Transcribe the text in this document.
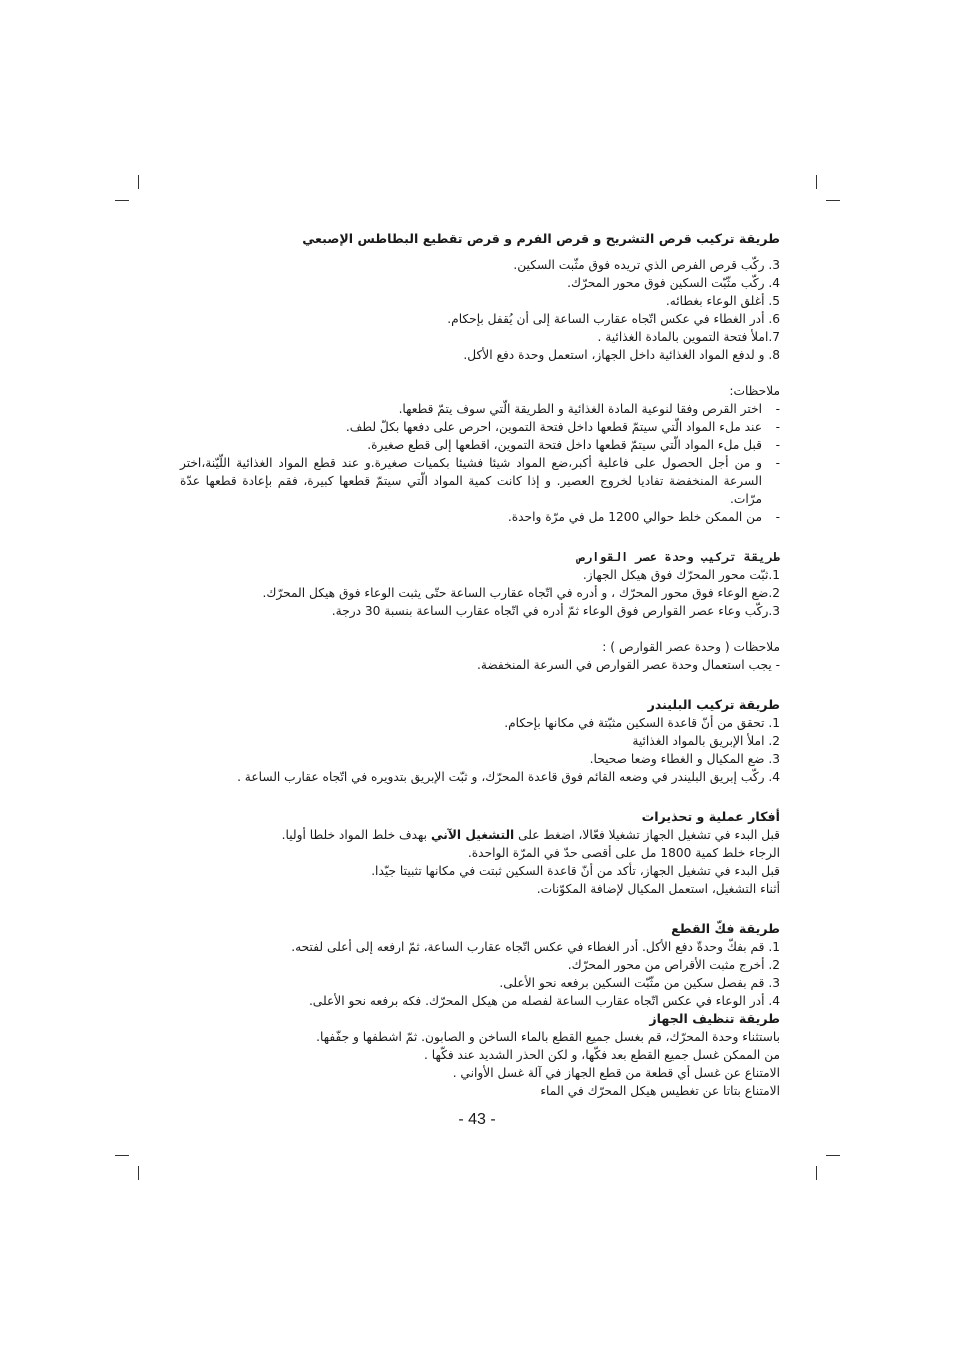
طريقة تركيب قرص التشريح و قرص الفرم و قرص تقطيع البطاطس الإصبعي

3. ركّب قرص الفرص الذي تريده فوق مثّبت السكين.

4. ركّب مثّبّت السكين فوق محور المحرّك.

5. أغلق الوعاء بغطائه.

6. أدر الغطاء في عكس اتّجاه عقارب الساعة إلى أن يُقفل بإحكام.

7.املأ فتحة التموين بالمادة الغذائية .

8. و لدفع المواد الغذائية داخل الجهاز، استعمل وحدة دفع الأكل.

ملاحظات:

- اختر القرص وفقا لنوعية المادة الغذائية و الطريقة الّتي سوف يتمّ قطعها.

- عند ملء المواد الّتي سيتمّ قطعها داخل فتحة التموين، احرص على دفعها بكلّ لطف.

- قبل ملء المواد الّتي سيتمّ قطعها داخل فتحة التموين، اقطعها إلى قطع صغيرة.

- و من أجل الحصول على فاعلية أكبر،ضع المواد شيئا فشيئا بكميات صغيرة.و عند قطع المواد الغذائية اللّيّنة،اختر السرعة المنخفضة تفاديا لخروج العصير. و إذا كانت كمية المواد الّتي سيتمّ قطعها كبيرة، فقم بإعادة قطعها عدّة مرّات.

- من الممكن خلط حوالي 1200 مل في مرّة واحدة.

طريقة تركيب وحدة عصر القوارص

1.ثبّت محور المحرّك فوق هيكل الجهاز.

2.ضع الوعاء فوق محور المحرّك ، و أدره في اتّجاه عقارب الساعة حتّى يثبت الوعاء فوق هيكل المحرّك.

3.ركّب وعاء عصر القوارص فوق الوعاء ثمّ أدره في اتّجاه عقارب الساعة بنسبة 30 درجة.

ملاحظات ( وحدة عصر القوارص ) :

- يجب استعمال وحدة عصر القوارص في السرعة المنخفضة.

طريقة تركيب البليندر

1. تحقق من أنّ قاعدة السكين مثبّتة في مكانها بإحكام.

2. املأ الإبريق بالمواد الغذائية

3. ضع المكيال و الغطاء وضعا صحيحا.

4. ركّب إبريق البليندر في وضعه القائم فوق قاعدة المحرّك، و ثبّت الإبريق بتدويره في اتّجاه عقارب الساعة .

أفكار عملية و تحذيرات

قبل البدء في تشغيل الجهاز تشغيلا فعّالا، اضغط على التشغيل الآني بهدف خلط المواد خلطا أوليا.

الرجاء خلط كمية 1800 مل على أقصى حدّ في المرّة الواحدة.

قبل البدء في تشغيل الجهاز، تأكد من أنّ قاعدة السكين ثبتت في مكانها تثبيتا جيّدا.

أثناء التشغيل، استعمل المكيال لإضافة المكوّنات.

طريقة فكّ القطع

1. قم بفكّ وحدةّ دفع الأكل. أدر الغطاء في عكس اتّجاه عقارب الساعة، ثمّ ارفعه إلى أعلى لفتحه.

2. أخرج مثبت الأقراص من محور المحرّك.

3. قم بفصل سكين من مثّبّت السكين برفعه نحو الأعلى.

4. أدر الوعاء في عكس اتّجاه عقارب الساعة لفصله من هيكل المحرّك. فكه برفعه نحو الأعلى.

طريقة تنظيف الجهاز

باستثناء وحدة المحرّك، قم بغسل جميع القطع بالماء الساخن و الصابون. ثمّ اشطفها و جفّفها.

من الممكن غسل جميع القطع بعد فكّها، و لكن الحذر الشديد عند فكّها .

الامتناع عن غسل أي قطعة من قطع الجهاز في آلة غسل الأواني .

الامتناع بتاتا عن تغطيس هيكل المحرّك في الماء

- 43 -
